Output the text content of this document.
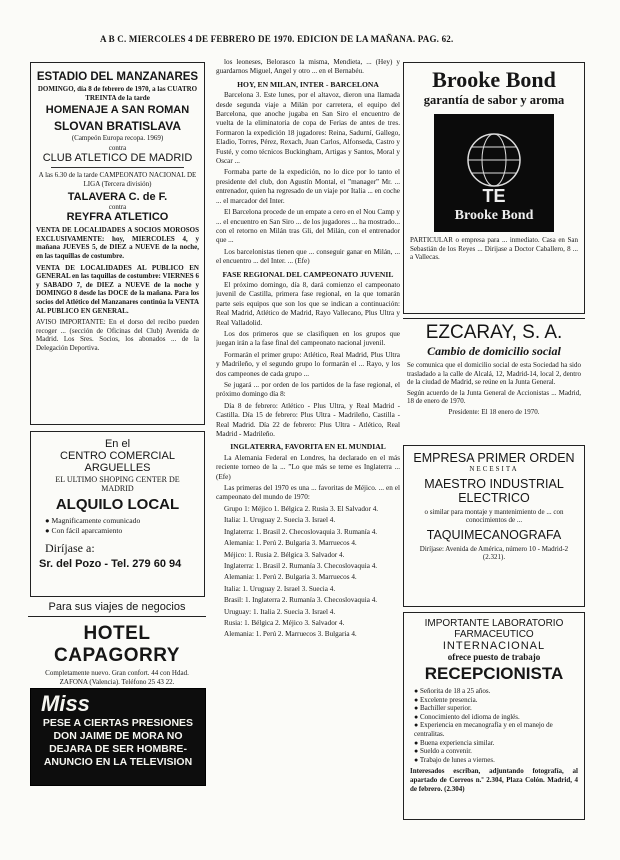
A B C. MIERCOLES 4 DE FEBRERO DE 1970. EDICION DE LA MAÑANA. PAG. 62.
ESTADIO DEL MANZANARES
DOMINGO, día 8 de febrero de 1970, a las CUATRO TREINTA de la tarde
HOMENAJE A SAN ROMAN
SLOVAN BRATISLAVA
(Campeón Europa recopa. 1969)
contra
CLUB ATLETICO DE MADRID
A las 6.30 de la tarde CAMPEONATO NACIONAL DE LIGA (Tercera división)
TALAVERA C. de F.
contra
REYFRA ATLETICO
VENTA DE LOCALIDADES A SOCIOS MOROSOS EXCLUSIVAMENTE: hoy, MIERCOLES 4, y mañana JUEVES 5, de DIEZ a NUEVE de la noche, en las taquillas de costumbre.
VENTA DE LOCALIDADES AL PUBLICO EN GENERAL en las taquillas de costumbre: VIERNES 6 y SABADO 7, de DIEZ a NUEVE de la noche y DOMINGO 8 desde las DOCE de la mañana. Para los socios del Atlético del Manzanares continúa la VENTA AL PUBLICO EN GENERAL.
AVISO IMPORTANTE: En el dorso del recibo pueden recoger ... (sección de Oficinas del Club) Avenida de Madrid. Los Sres. Socios, los abonados ... de la Delegación Deportiva.
En el
CENTRO COMERCIAL
ARGUELLES
EL ULTIMO SHOPING CENTER DE MADRID
ALQUILO LOCAL
● Magnificamente comunicado
● Con fácil aparcamiento
Diríjase a:
Sr. del Pozo - Tel. 279 60 94
Para sus viajes de negocios
HOTEL CAPAGORRY
Completamente nuevo. Gran confort. 44 con Hdad. ZAFONA (Valencia). Teléfono 25 43 22.
Miss
PESE A CIERTAS PRESIONES DON JAIME DE MORA NO DEJARA DE SER HOMBRE-ANUNCIO EN LA TELEVISION

los leoneses, Belorasco la misma, Mendieta, ... (Hey) y guardarnos Miguel, Angel y otro ... en el Bernabéu.

HOY, EN MILAN, INTER - BARCELONA

Barcelona 3. Este lunes, por el altavoz, dieron una llamada desde segunda viaje a Milán por carretera, el equipo del Barcelona, que anoche jugaba en San Siro el encuentro de vuelta de la eliminatoria de copa de Ferias de antes de tres. Formaron la expedición 18 jugadores: Reina, Sadurní, Gallego, Eladio, Torres, Pérez, Rexach, Juan Carlos, Alfonseda, Castro y Fusté, y como técnicos Buckingham, Artigas y Santos, Moral y Oscar ...

Formaba parte de la expedición, no lo dice por lo tanto el presidente del club, don Agustín Montal, el ”manager” Mr. ... entrenador, quien ha regresado de un viaje por Italia ... en coche ... el marcador del Inter.

El Barcelona procede de un empate a cero en el Nou Camp y ... el encuentro en San Siro ... de los jugadores ... ha mostrado... con el retorno en Milán tras Gli, del Milán, con el entrenador que ...

Los barcelonistas tienen que ... conseguir ganar en Milán, ... el encuentro ... del Inter. ... (Efe)

FASE REGIONAL DEL CAMPEONATO JUVENIL

El próximo domingo, día 8, dará comienzo el campeonato juvenil de Castilla, primera fase regional, en la que tomarán parte seis equipos que son los que se indican a continuación: Real Madrid, Atlético de Madrid, Rayo Vallecano, Plus Ultra y Real Valladolid.

Los dos primeros que se clasifiquen en los grupos que juegan irán a la fase final del campeonato nacional juvenil.

Formarán el primer grupo: Atlético, Real Madrid, Plus Ultra y Madrileño, y el segundo grupo lo formarán el ... Rayo, y los dos campeones de cada grupo ...

Se jugará ... por orden de los partidos de la fase regional, el próximo domingo día 8:

Día 8 de febrero: Atlético - Plus Ultra, y Real Madrid - Castilla. Día 15 de febrero: Plus Ultra - Madrileño, Castilla - Real Madrid. Día 22 de febrero: Plus Ultra - Atlético, Real Madrid - Madrileño.

INGLATERRA, FAVORITA EN EL MUNDIAL

La Alemania Federal en Londres, ha declarado en el más reciente torneo de la ... ”Lo que más se teme es Inglaterra ... (Efe)

Las primeras del 1970 es una ... favoritas de Méjico. ... en el campeonato del mundo de 1970:

Grupo 1: Méjico 1. Bélgica 2. Rusia 3. El Salvador 4.

Italia: 1. Uruguay 2. Suecia 3. Israel 4.

Inglaterra: 1. Brasil 2. Checoslovaquia 3. Rumanía 4.

Alemania: 1. Perú 2. Bulgaria 3. Marruecos 4.

Méjico: 1. Rusia 2. Bélgica 3. Salvador 4.

Inglaterra: 1. Brasil 2. Rumanía 3. Checoslovaquia 4.

Alemania: 1. Perú 2. Bulgaria 3. Marruecos 4.

Italia: 1. Uruguay 2. Israel 3. Suecia 4.

Brasil: 1. Inglaterra 2. Rumanía 3. Checoslovaquia 4.

Uruguay: 1. Italia 2. Suecia 3. Israel 4.

Rusia: 1. Bélgica 2. Méjico 3. Salvador 4.

Alemania: 1. Perú 2. Marruecos 3. Bulgaria 4.

Brooke Bond
garantía de sabor y aroma
TE
Brooke Bond
PARTICULAR o empresa para ... inmediato. Casa en San Sebastián de los Reyes ... Dirijase a Doctor Caballero, 8 ... a Vallecas.
EZCARAY, S. A.
Cambio de domicilio social
Se comunica que el domicilio social de esta Sociedad ha sido trasladado a la calle de Alcalá, 12, Madrid-14, local 2, dentro de la ciudad de Madrid, se reúne en la Junta General.
Según acuerdo de la Junta General de Accionistas ... Madrid, 18 de enero de 1970.
Presidente: El 18 enero de 1970.
EMPRESA PRIMER ORDEN
NECESITA
MAESTRO INDUSTRIAL
ELECTRICO
o similar para montaje y mantenimiento de ... con conocimientos de ...
TAQUIMECANOGRAFA
Diríjase: Avenida de América, número 10 - Madrid-2 (2.321).
IMPORTANTE LABORATORIO
FARMACEUTICO
INTERNACIONAL
ofrece puesto de trabajo
RECEPCIONISTA
● Señorita de 18 a 25 años.
● Excelente presencia.
● Bachiller superior.
● Conocimiento del idioma de inglés.
● Experiencia en mecanografía y en el manejo de centralitas.
● Buena experiencia similar.
● Sueldo a convenir.
● Trabajo de lunes a viernes.
Interesados escriban, adjuntando fotografía, al apartado de Correos n.º 2.304, Plaza Colón. Madrid, 4 de febrero. (2.304)
